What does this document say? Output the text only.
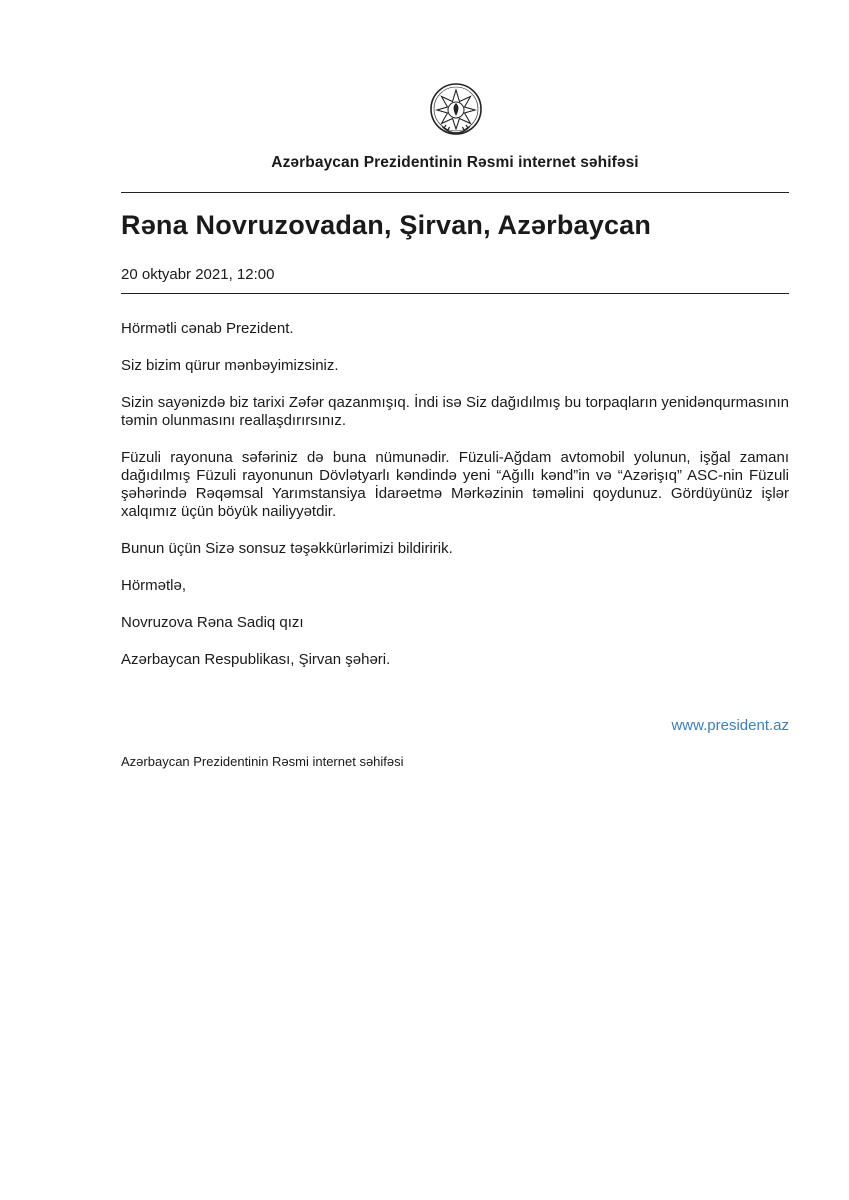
Azərbaycan Prezidentinin Rəsmi internet səhifəsi
Rəna Novruzovadan, Şirvan, Azərbaycan
20 oktyabr 2021, 12:00

Hörmətli cənab Prezident.

Siz bizim qürur mənbəyimizsiniz.

Sizin sayənizdə biz tarixi Zəfər qazanmışıq. İndi isə Siz dağıdılmış bu torpaqların yenidənqurmasının təmin olunmasını reallaşdırırsınız.

Füzuli rayonuna səfəriniz də buna nümunədir. Füzuli-Ağdam avtomobil yolunun, işğal zamanı dağıdılmış Füzuli rayonunun Dövlətyarlı kəndində yeni “Ağıllı kənd”in və “Azərişıq” ASC-nin Füzuli şəhərində Rəqəmsal Yarımstansiya İdarəetmə Mərkəzinin təməlini qoydunuz. Gördüyünüz işlər xalqımız üçün böyük nailiyyətdir.

Bunun üçün Sizə sonsuz təşəkkürlərimizi bildiririk.

Hörmətlə,

Novruzova Rəna Sadiq qızı

Azərbaycan Respublikası, Şirvan şəhəri.

www.president.az
Azərbaycan Prezidentinin Rəsmi internet səhifəsi
